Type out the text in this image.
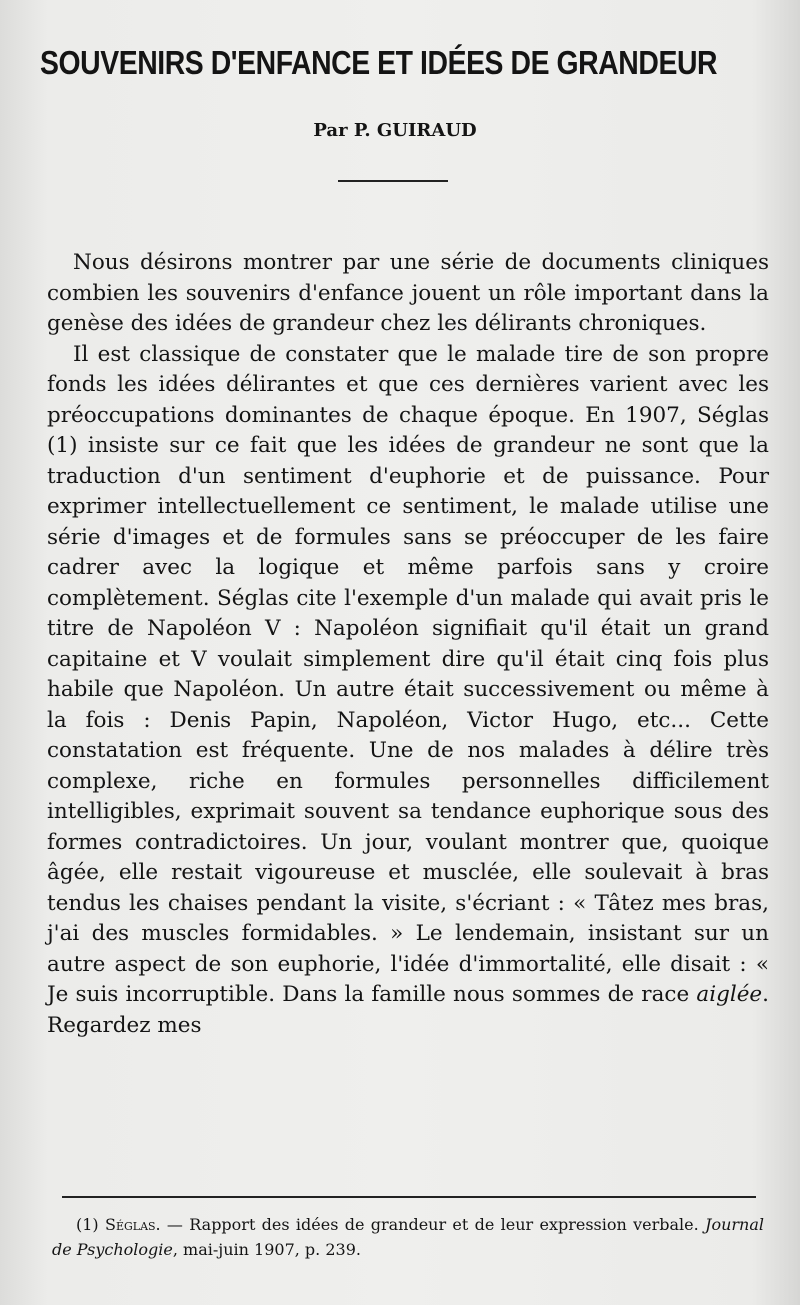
SOUVENIRS D'ENFANCE ET IDÉES DE GRANDEUR
Par P. GUIRAUD

Nous désirons montrer par une série de documents cliniques combien les souvenirs d'enfance jouent un rôle important dans la genèse des idées de grandeur chez les délirants chroniques.

Il est classique de constater que le malade tire de son propre fonds les idées délirantes et que ces dernières varient avec les préoccupations dominantes de chaque époque. En 1907, Séglas (1) insiste sur ce fait que les idées de grandeur ne sont que la traduction d'un sentiment d'euphorie et de puissance. Pour exprimer intellectuellement ce sentiment, le malade utilise une série d'images et de formules sans se préoccuper de les faire cadrer avec la logique et même parfois sans y croire complètement. Séglas cite l'exemple d'un malade qui avait pris le titre de Napoléon V : Napoléon signifiait qu'il était un grand capitaine et V voulait simplement dire qu'il était cinq fois plus habile que Napoléon. Un autre était successivement ou même à la fois : Denis Papin, Napoléon, Victor Hugo, etc... Cette constatation est fréquente. Une de nos malades à délire très complexe, riche en formules personnelles difficilement intelligibles, exprimait souvent sa tendance euphorique sous des formes contradictoires. Un jour, voulant montrer que, quoique âgée, elle restait vigoureuse et musclée, elle soulevait à bras tendus les chaises pendant la visite, s'écriant : « Tâtez mes bras, j'ai des muscles formidables. » Le lendemain, insistant sur un autre aspect de son euphorie, l'idée d'immortalité, elle disait : « Je suis incorruptible. Dans la famille nous sommes de race aiglée. Regardez mes

(1) Séglas. — Rapport des idées de grandeur et de leur expression verbale. Journal de Psychologie, mai-juin 1907, p. 239.
